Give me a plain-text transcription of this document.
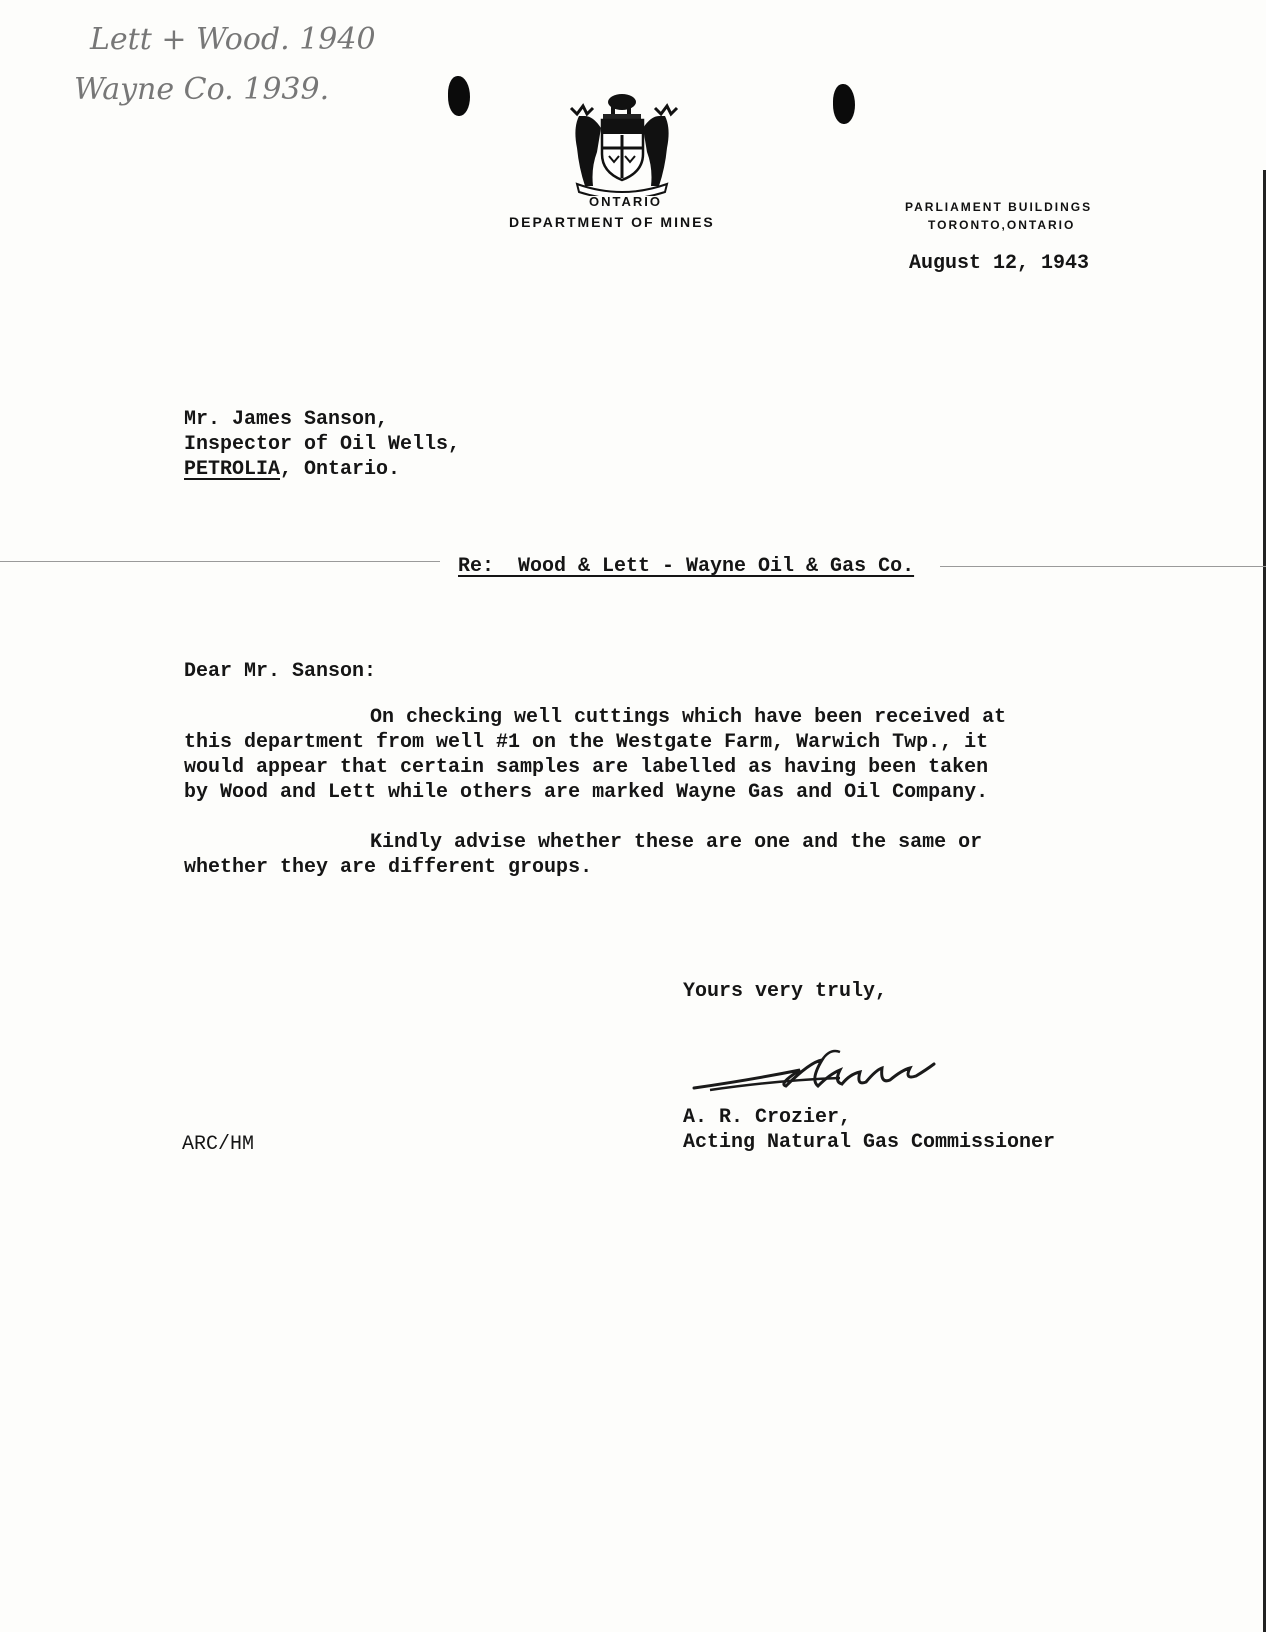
Lett + Wood. 1940
Wayne Co. 1939.
ONTARIO
DEPARTMENT OF MINES
PARLIAMENT BUILDINGS
TORONTO,ONTARIO
August 12, 1943
Mr. James Sanson,
Inspector of Oil Wells,
PETROLIA, Ontario.
Re:  Wood & Lett - Wayne Oil & Gas Co.
Dear Mr. Sanson:
On checking well cuttings which have been received at
this department from well #1 on the Westgate Farm, Warwich Twp., it
would appear that certain samples are labelled as having been taken
by Wood and Lett while others are marked Wayne Gas and Oil Company.
Kindly advise whether these are one and the same or
whether they are different groups.
Yours very truly,
A. R. Crozier,
Acting Natural Gas Commissioner
ARC/HM
